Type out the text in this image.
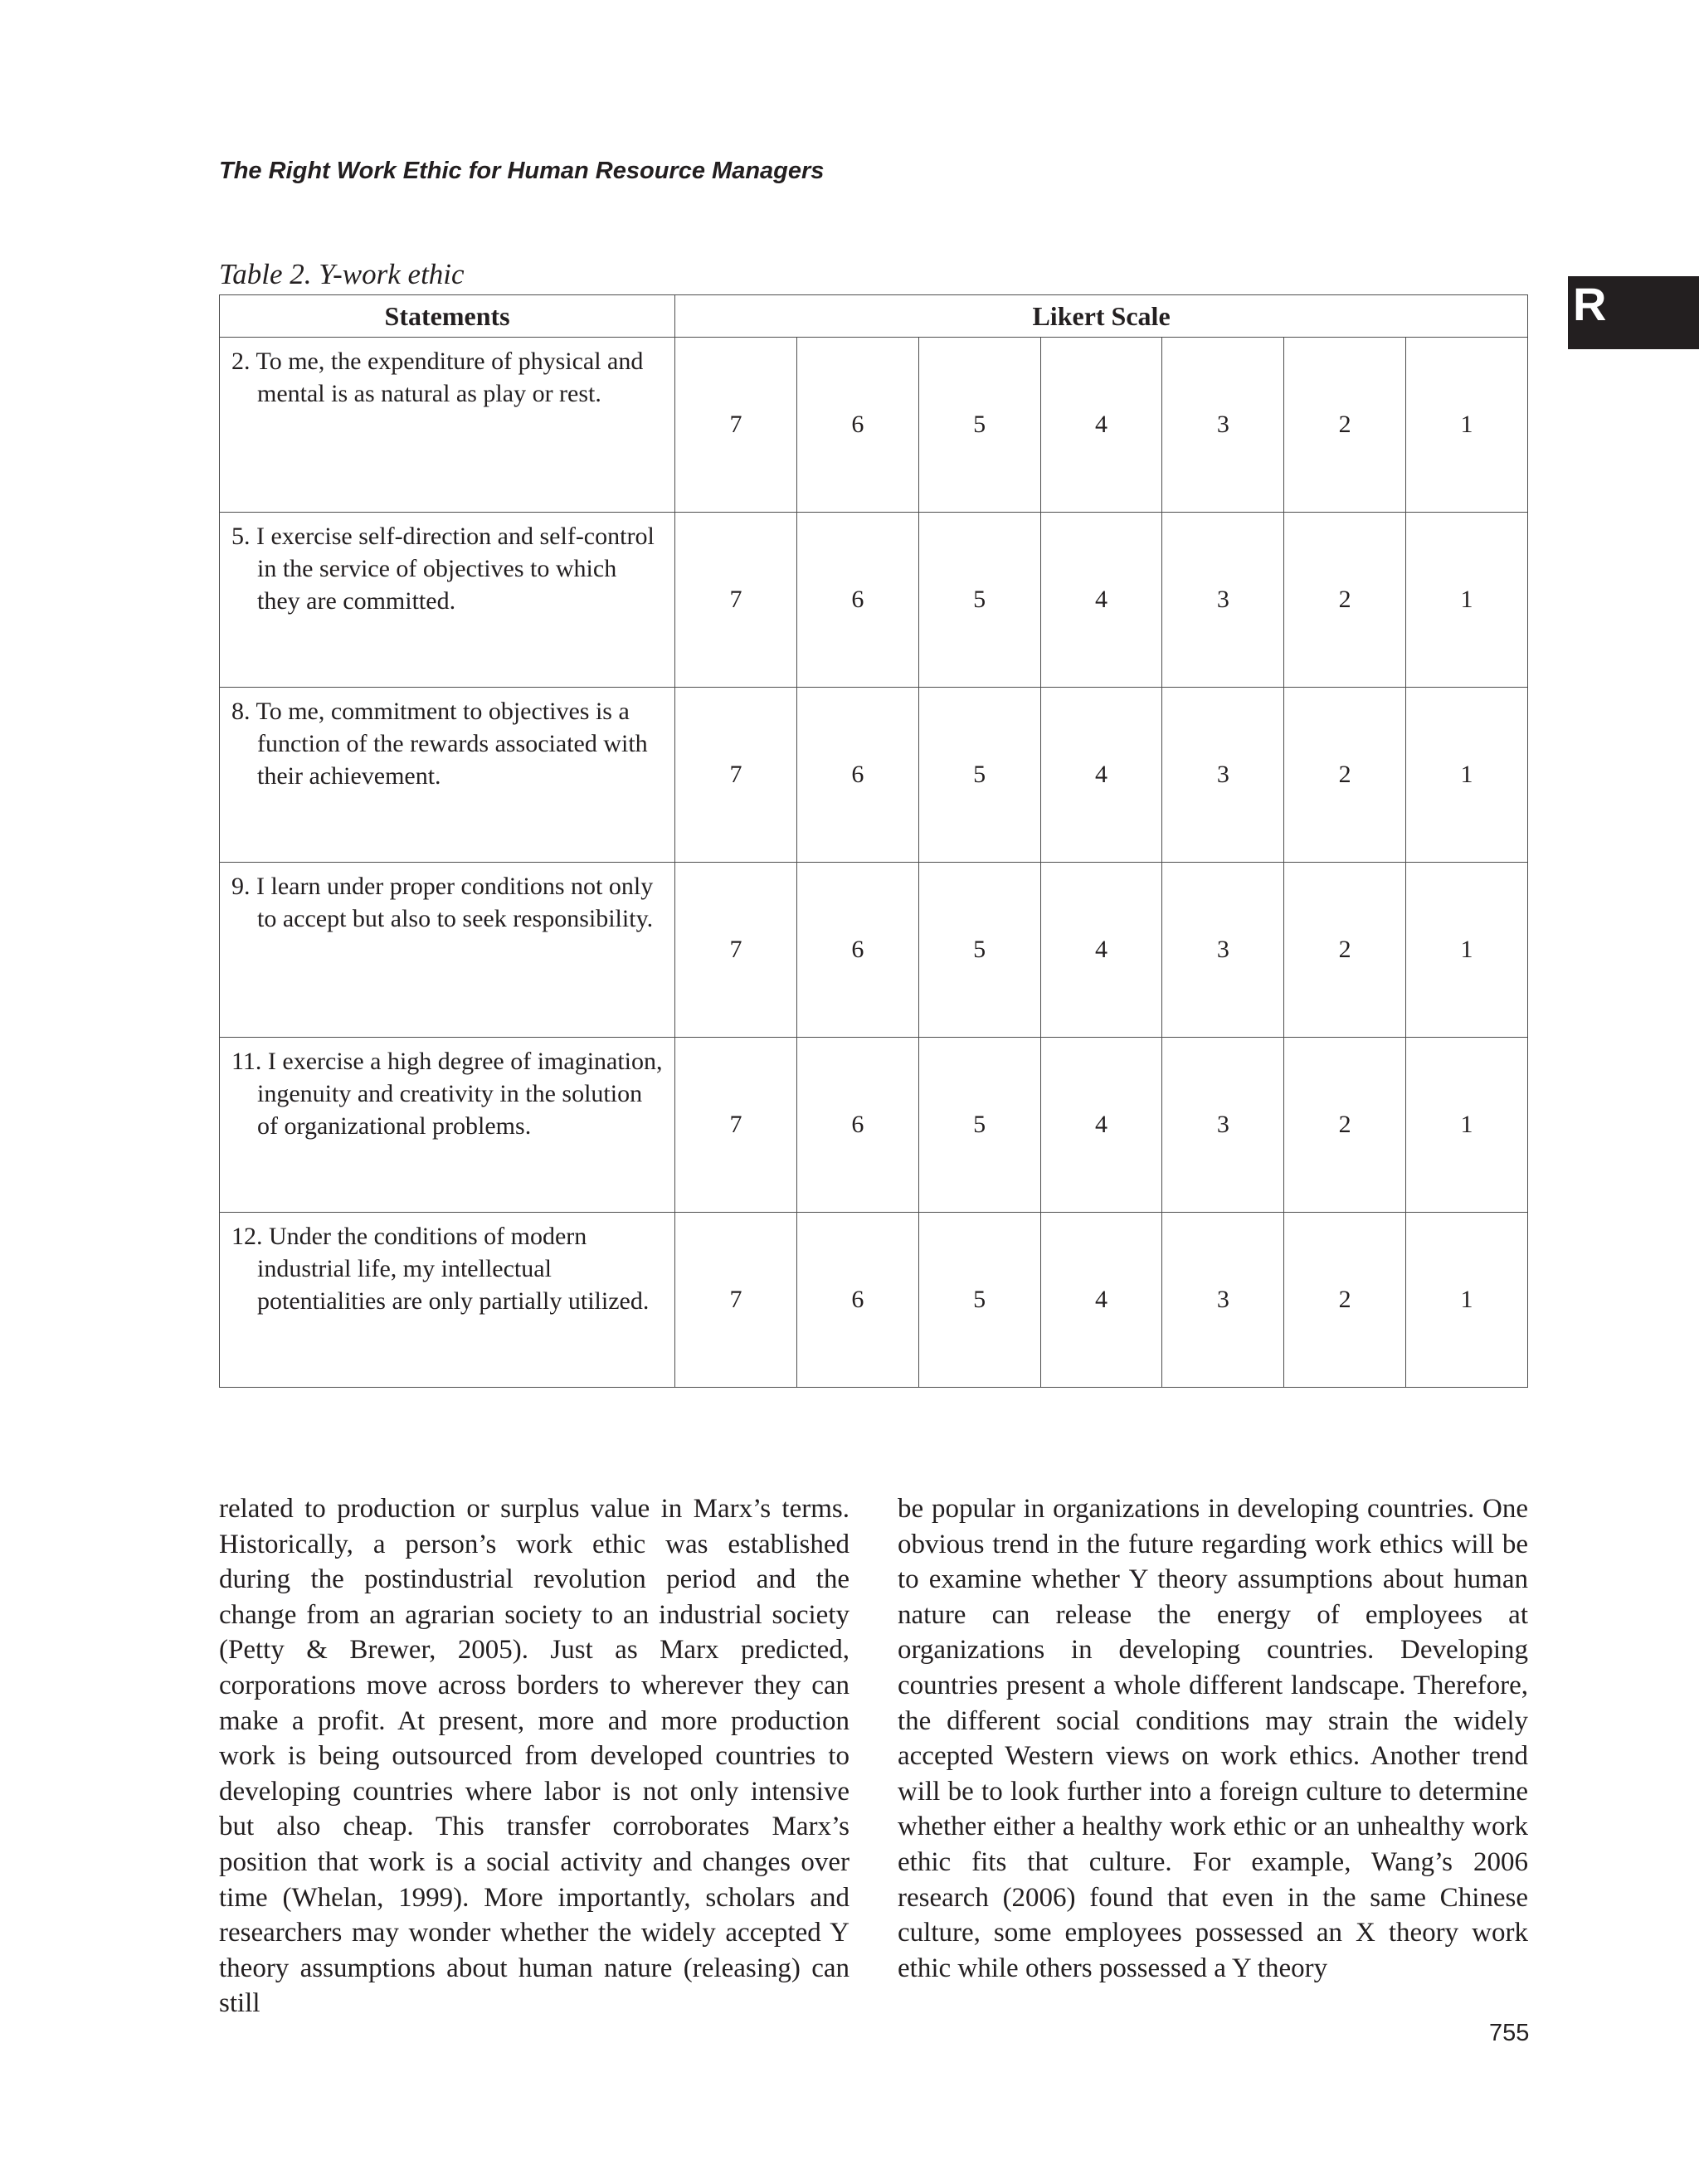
The Right Work Ethic for Human Resource Managers
R
Table 2. Y-work ethic
Statements	Likert Scale						

2. To me, the expenditure of physical and mental is as natural as play or rest.	7	6	5	4	3	2	1

5. I exercise self-direction and self-control in the service of objectives to which they are committed.	7	6	5	4	3	2	1

8. To me, commitment to objectives is a function of the rewards associated with their achievement.	7	6	5	4	3	2	1

9. I learn under proper conditions not only to accept but also to seek responsibility.	7	6	5	4	3	2	1

11. I exercise a high degree of imagination, ingenuity and creativity in the solution of organizational problems.	7	6	5	4	3	2	1

12. Under the conditions of modern industrial life, my intellectual potentialities are only partially utilized.	7	6	5	4	3	2	1
related to production or surplus value in Marx’s terms. Historically, a person’s work ethic was established during the postindustrial revolution period and the change from an agrarian society to an industrial society (Petty & Brewer, 2005). Just as Marx predicted, corporations move across borders to wherever they can make a profit. At present, more and more production work is being outsourced from developed countries to developing countries where labor is not only intensive but also cheap. This transfer corroborates Marx’s position that work is a social activity and changes over time (Whelan, 1999). More importantly, scholars and researchers may wonder whether the widely accepted Y theory assumptions about human nature (releasing) can still
be popular in organizations in developing countries. One obvious trend in the future regarding work ethics will be to examine whether Y theory assumptions about human nature can release the energy of employees at organizations in developing countries. Developing countries present a whole different landscape. Therefore, the different social conditions may strain the widely accepted Western views on work ethics. Another trend will be to look further into a foreign culture to determine whether either a healthy work ethic or an unhealthy work ethic fits that culture. For example, Wang’s 2006 research (2006) found that even in the same Chinese culture, some employees possessed an X theory work ethic while others possessed a Y theory
755
